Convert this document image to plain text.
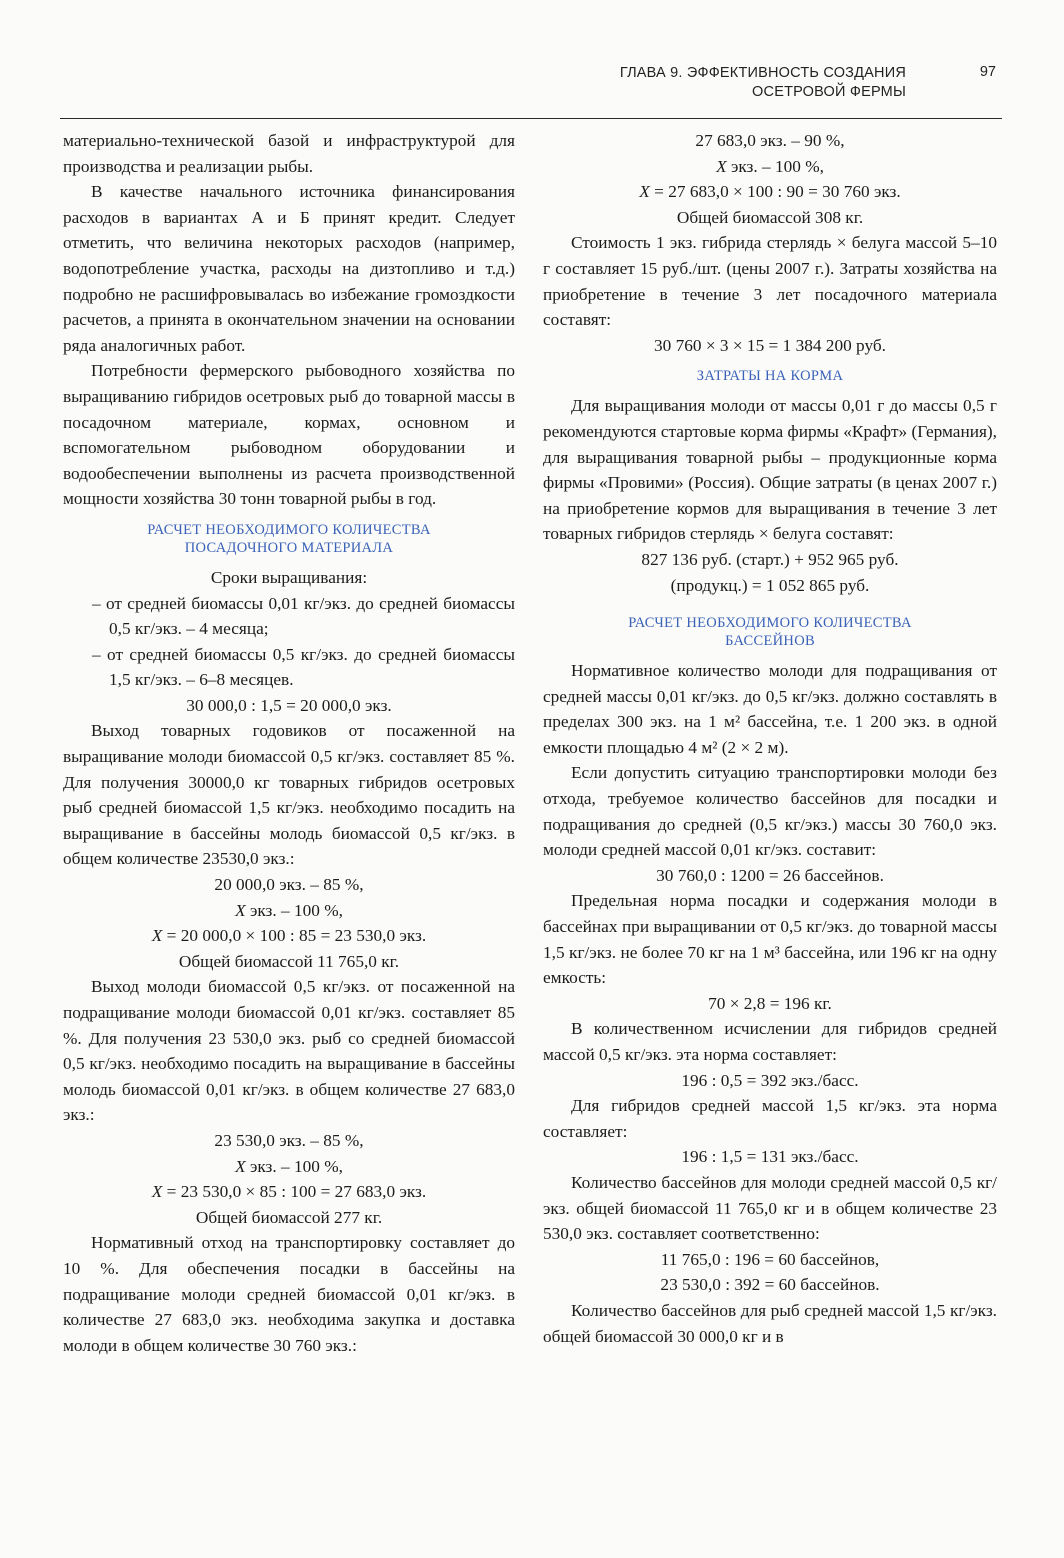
ГЛАВА 9. ЭФФЕКТИВНОСТЬ СОЗДАНИЯ
ОСЕТРОВОЙ ФЕРМЫ
97

материально-технической базой и инфраструктурой для производства и реализации рыбы.

В качестве начального источника финансирования расходов в вариантах А и Б принят кредит. Следует отметить, что величина некоторых расходов (например, водопотребление участка, расходы на дизтопливо и т.д.) подробно не расшифровывалась во избежание громоздкости расчетов, а принята в окончательном значении на основании ряда аналогичных работ.

Потребности фермерского рыбоводного хозяйства по выращиванию гибридов осетровых рыб до товарной массы в посадочном материале, кормах, основном и вспомогательном рыбоводном оборудовании и водообеспечении выполнены из расчета производственной мощности хозяйства 30 тонн товарной рыбы в год.

РАСЧЕТ НЕОБХОДИМОГО КОЛИЧЕСТВА
ПОСАДОЧНОГО МАТЕРИАЛА
Сроки выращивания:
– от средней биомассы 0,01 кг/экз. до средней биомассы 0,5 кг/экз. – 4 месяца;
– от средней биомассы 0,5 кг/экз. до средней биомассы 1,5 кг/экз. – 6–8 месяцев.
30 000,0 : 1,5 = 20 000,0 экз.

Выход товарных годовиков от посаженной на выращивание молоди биомассой 0,5 кг/экз. составляет 85 %. Для получения 30000,0 кг товарных гибридов осетровых рыб средней биомассой 1,5 кг/экз. необходимо посадить на выращивание в бассейны молодь биомассой 0,5 кг/экз. в общем количестве 23530,0 экз.:

20 000,0 экз. – 85 %,
X экз. – 100 %,
X = 20 000,0 × 100 : 85 = 23 530,0 экз.
Общей биомассой 11 765,0 кг.

Выход молоди биомассой 0,5 кг/экз. от посаженной на подращивание молоди биомассой 0,01 кг/экз. составляет 85 %. Для получения 23 530,0 экз. рыб со средней биомассой 0,5 кг/экз. необходимо посадить на выращивание в бассейны молодь биомассой 0,01 кг/экз. в общем количестве 27 683,0 экз.:

23 530,0 экз. – 85 %,
X экз. – 100 %,
X = 23 530,0 × 85 : 100 = 27 683,0 экз.
Общей биомассой 277 кг.

Нормативный отход на транспортировку составляет до 10 %. Для обеспечения посадки в бассейны на подращивание молоди средней биомассой 0,01 кг/экз. в количестве 27 683,0 экз. необходима закупка и доставка молоди в общем количестве 30 760 экз.:

27 683,0 экз. – 90 %,
X экз. – 100 %,
X = 27 683,0 × 100 : 90 = 30 760 экз.
Общей биомассой 308 кг.

Стоимость 1 экз. гибрида стерлядь × белуга массой 5–10 г составляет 15 руб./шт. (цены 2007 г.). Затраты хозяйства на приобретение в течение 3 лет посадочного материала составят:

30 760 × 3 × 15 = 1 384 200 руб.
ЗАТРАТЫ НА КОРМА

Для выращивания молоди от массы 0,01 г до массы 0,5 г рекомендуются стартовые корма фирмы «Крафт» (Германия), для выращивания товарной рыбы – продукционные корма фирмы «Провими» (Россия). Общие затраты (в ценах 2007 г.) на приобретение кормов для выращивания в течение 3 лет товарных гибридов стерлядь × белуга составят:

827 136 руб. (старт.) + 952 965 руб.
(продукц.) = 1 052 865 руб.
РАСЧЕТ НЕОБХОДИМОГО КОЛИЧЕСТВА
БАССЕЙНОВ

Нормативное количество молоди для подращивания от средней массы 0,01 кг/экз. до 0,5 кг/экз. должно составлять в пределах 300 экз. на 1 м² бассейна, т.е. 1 200 экз. в одной емкости площадью 4 м² (2 × 2 м).

Если допустить ситуацию транспортировки молоди без отхода, требуемое количество бассейнов для посадки и подращивания до средней (0,5 кг/экз.) массы 30 760,0 экз. молоди средней массой 0,01 кг/экз. составит:

30 760,0 : 1200 = 26 бассейнов.

Предельная норма посадки и содержания молоди в бассейнах при выращивании от 0,5 кг/экз. до товарной массы 1,5 кг/экз. не более 70 кг на 1 м³ бассейна, или 196 кг на одну емкость:

70 × 2,8 = 196 кг.

В количественном исчислении для гибридов средней массой 0,5 кг/экз. эта норма составляет:

196 : 0,5 = 392 экз./басс.

Для гибридов средней массой 1,5 кг/экз. эта норма составляет:

196 : 1,5 = 131 экз./басс.

Количество бассейнов для молоди средней массой 0,5 кг/экз. общей биомассой 11 765,0 кг и в общем количестве 23 530,0 экз. составляет соответственно:

11 765,0 : 196 = 60 бассейнов,
23 530,0 : 392 = 60 бассейнов.

Количество бассейнов для рыб средней массой 1,5 кг/экз. общей биомассой 30 000,0 кг и в
